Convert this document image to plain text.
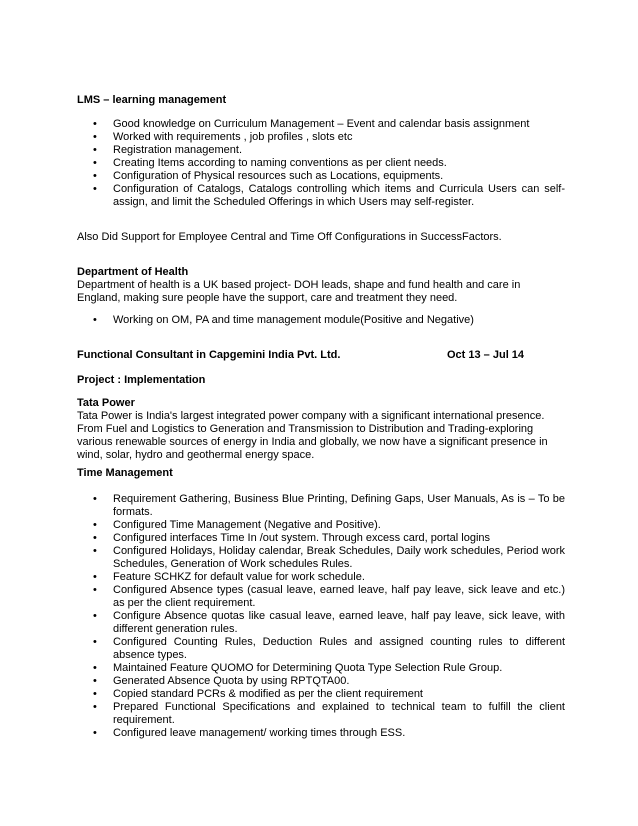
LMS – learning management
• Good knowledge on Curriculum Management – Event and calendar basis assignment
• Worked with requirements , job profiles , slots etc
• Registration management.
• Creating Items according to naming conventions as per client needs.
• Configuration of Physical resources such as Locations, equipments.
• Configuration of Catalogs, Catalogs controlling which items and Curricula Users can self-assign, and limit the Scheduled Offerings in which Users may self-register.
Also Did Support for Employee Central and Time Off Configurations in SuccessFactors.
Department of Health
Department of health is a UK based project- DOH leads, shape and fund health and care in England, making sure people have the support, care and treatment they need.
• Working on OM, PA and time management module(Positive and Negative)
Functional Consultant in Capgemini India Pvt. Ltd.	Oct 13 – Jul 14
Project : Implementation
Tata Power
Tata Power is India's largest integrated power company with a significant international presence. From Fuel and Logistics to Generation and Transmission to Distribution and Trading-exploring various renewable sources of energy in India and globally, we now have a significant presence in wind, solar, hydro and geothermal energy space.
Time Management
• Requirement Gathering, Business Blue Printing, Defining Gaps, User Manuals, As is – To be formats.
• Configured Time Management (Negative and Positive).
• Configured interfaces Time In /out system. Through excess card, portal logins
• Configured Holidays, Holiday calendar, Break Schedules, Daily work schedules, Period work Schedules, Generation of Work schedules Rules.
• Feature SCHKZ for default value for work schedule.
• Configured Absence types (casual leave, earned leave, half pay leave, sick leave and etc.) as per the client requirement.
• Configure Absence quotas like casual leave, earned leave, half pay leave, sick leave, with different generation rules.
• Configured Counting Rules, Deduction Rules and assigned counting rules to different absence types.
• Maintained Feature QUOMO for Determining Quota Type Selection Rule Group.
• Generated Absence Quota by using RPTQTA00.
• Copied standard PCRs & modified as per the client requirement
• Prepared Functional Specifications and explained to technical team to fulfill the client requirement.
• Configured leave management/ working times through ESS.
